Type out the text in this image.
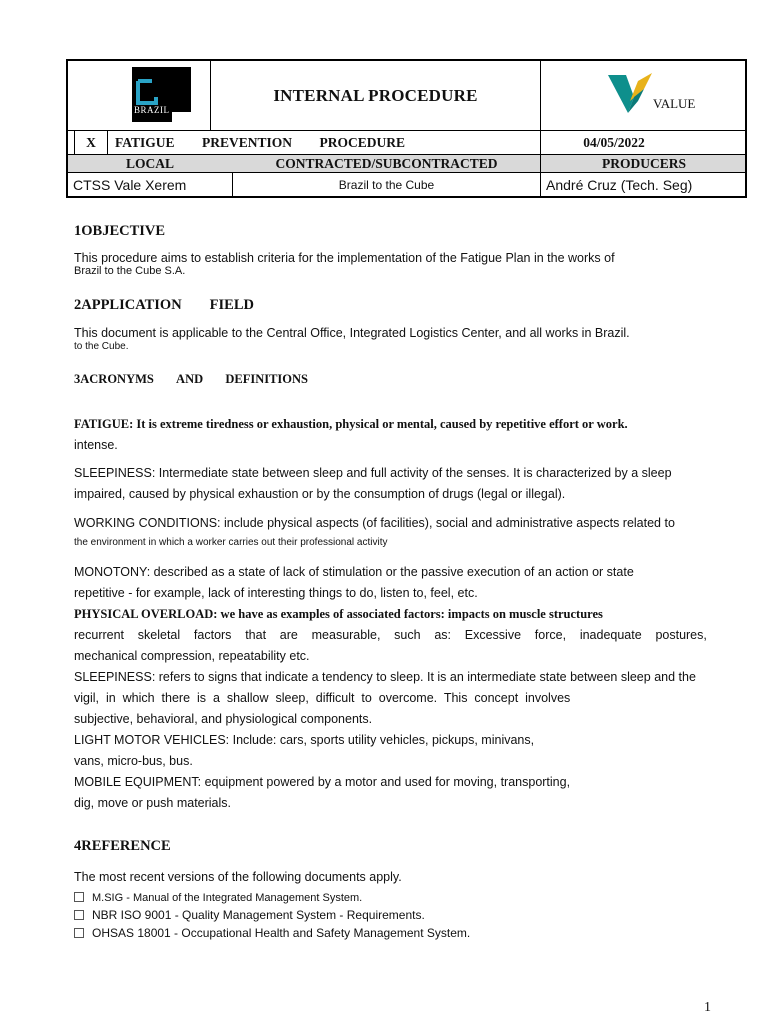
BRAZIL
INTERNAL PROCEDURE	VALUE
X	FATIGUE PREVENTION PROCEDURE	04/05/2022
LOCAL	CONTRACTED/SUBCONTRACTED	PRODUCERS
CTSS Vale Xerem	Brazil to the Cube	André Cruz (Tech. Seg)
1OBJECTIVE
This procedure aims to establish criteria for the implementation of the Fatigue Plan in the works of
Brazil to the Cube S.A.
2APPLICATION FIELD
This document is applicable to the Central Office, Integrated Logistics Center, and all works in Brazil.
to the Cube.
3ACRONYMS AND DEFINITIONS
FATIGUE: It is extreme tiredness or exhaustion, physical or mental, caused by repetitive effort or work.
intense.
SLEEPINESS: Intermediate state between sleep and full activity of the senses. It is characterized by a sleep
impaired, caused by physical exhaustion or by the consumption of drugs (legal or illegal).
WORKING CONDITIONS: include physical aspects (of facilities), social and administrative aspects related to
the environment in which a worker carries out their professional activity
MONOTONY: described as a state of lack of stimulation or the passive execution of an action or state
repetitive - for example, lack of interesting things to do, listen to, feel, etc.
PHYSICAL OVERLOAD: we have as examples of associated factors: impacts on muscle structures
recurrent skeletal factors that are measurable, such as: Excessive force, inadequate postures,
mechanical compression, repeatability etc.
SLEEPINESS: refers to signs that indicate a tendency to sleep. It is an intermediate state between sleep and the
vigil,  in  which  there  is  a  shallow  sleep,  difficult  to  overcome.  This  concept  involves
subjective, behavioral, and physiological components.
LIGHT MOTOR VEHICLES: Include: cars, sports utility vehicles, pickups, minivans,
vans, micro-bus, bus.
MOBILE EQUIPMENT: equipment powered by a motor and used for moving, transporting,
dig, move or push materials.
4REFERENCE
The most recent versions of the following documents apply.
M.SIG - Manual of the Integrated Management System.
NBR ISO 9001 - Quality Management System - Requirements.
OHSAS 18001 - Occupational Health and Safety Management System.
1
